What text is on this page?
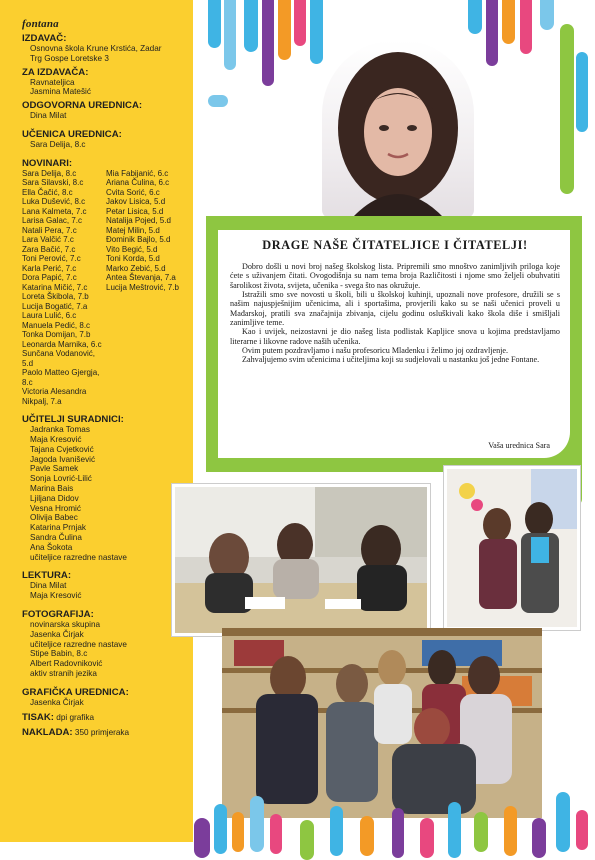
fontana
IZDAVAČ:
Osnovna škola Krune Krstića, Zadar
Trg Gospe Loretske 3
ZA IZDAVAČA:
Ravnateljica
Jasmina Matešić
ODGOVORNA UREDNICA:
Dina Milat
UČENICA UREDNICA:
Sara Delija, 8.c
NOVINARI:
Sara Delija, 8.c
Sara Silavski, 8.c
Ella Čačić, 8.c
Luka Dušević, 8.c
Lana Kalmeta, 7.c
Larisa Galac, 7.c
Natali Pera, 7.c
Lara Valčić 7.c
Zara Bačić, 7.c
Toni Perović, 7.c
Karla Perić, 7.c
Dora Papić, 7.c
Katarina Mičić, 7.c
Loreta Škibola, 7.b
Lucija Bogatić, 7.a
Laura Lulić, 6.c
Manuela Pedić, 8.c
Tonka Domijan, 7.b
Leonarda Marnika, 6.c
Sunčana Vodanović, 5.d
Paolo Matteo Gjergja, 8.c
Victoria Alesandra Nikpalj, 7.a
Mia Fabijanić, 6.c
Ariana Čulina, 6.c
Cvita Sorić, 6.c
Jakov Lisica, 5.d
Petar Lisica, 5.d
Natalija Pojed, 5.d
Matej Milin, 5.d
Đominik Bajlo, 5.d
Vito Begić, 5.d
Toni Korda, 5.d
Marko Zebić, 5.d
Antea Števanja, 7.a
Lucija Meštrović, 7.b
UČITELJI SURADNICI:
Jadranka Tomas
Maja Kresović
Tajana Cvjetković
Jagoda Ivanišević
Pavle Samek
Sonja Lovrić-Lilić
Marina Bais
Ljiljana Didov
Vesna Hromić
Olivija Babec
Katarina Prnjak
Sandra Čulina
Ana Šokota
učiteljice razredne nastave
LEKTURA:
Dina Milat
Maja Kresović
FOTOGRAFIJA:
novinarska skupina
Jasenka Čirjak
učiteljice razredne nastave
Stipe Babin, 8.c
Albert Radovniković
aktiv stranih jezika
GRAFIČKA UREDNICA:
Jasenka Čirjak
TISAK: dpi grafika
NAKLADA: 350 primjeraka
DRAGE NAŠE ČITATELJICE I ČITATELJI!

Dobro došli u novi broj našeg školskog lista. Pripremili smo mnoštvo zanimljivih priloga koje ćete s uživanjem čitati. Ovogodišnja su nam tema broja Različitosti i njome smo željeli obuhvatiti šarolikost života, svijeta, učenika - svega što nas okružuje.

Istražili smo sve novosti u školi, bili u školskoj kuhinji, upoznali nove profesore, družili se s našim najuspješnijim učenicima, ali i sportašima, provjerili kako su se naši učenici proveli u Mađarskoj, pratili sva značajnija zbivanja, cijelu godinu osluškivali kako škola diše i smišljali zanimljive teme.

Kao i uvijek, neizostavni je dio našeg lista podlistak Kapljice snova u kojima predstavljamo literarne i likovne radove naših učenika.

Ovim putem pozdravljamo i našu profesoricu Mladenku i želimo joj ozdravljenje.

Zahvaljujemo svim učenicima i učiteljima koji su sudjelovali u nastanku još jedne Fontane.

Vaša urednica Sara
